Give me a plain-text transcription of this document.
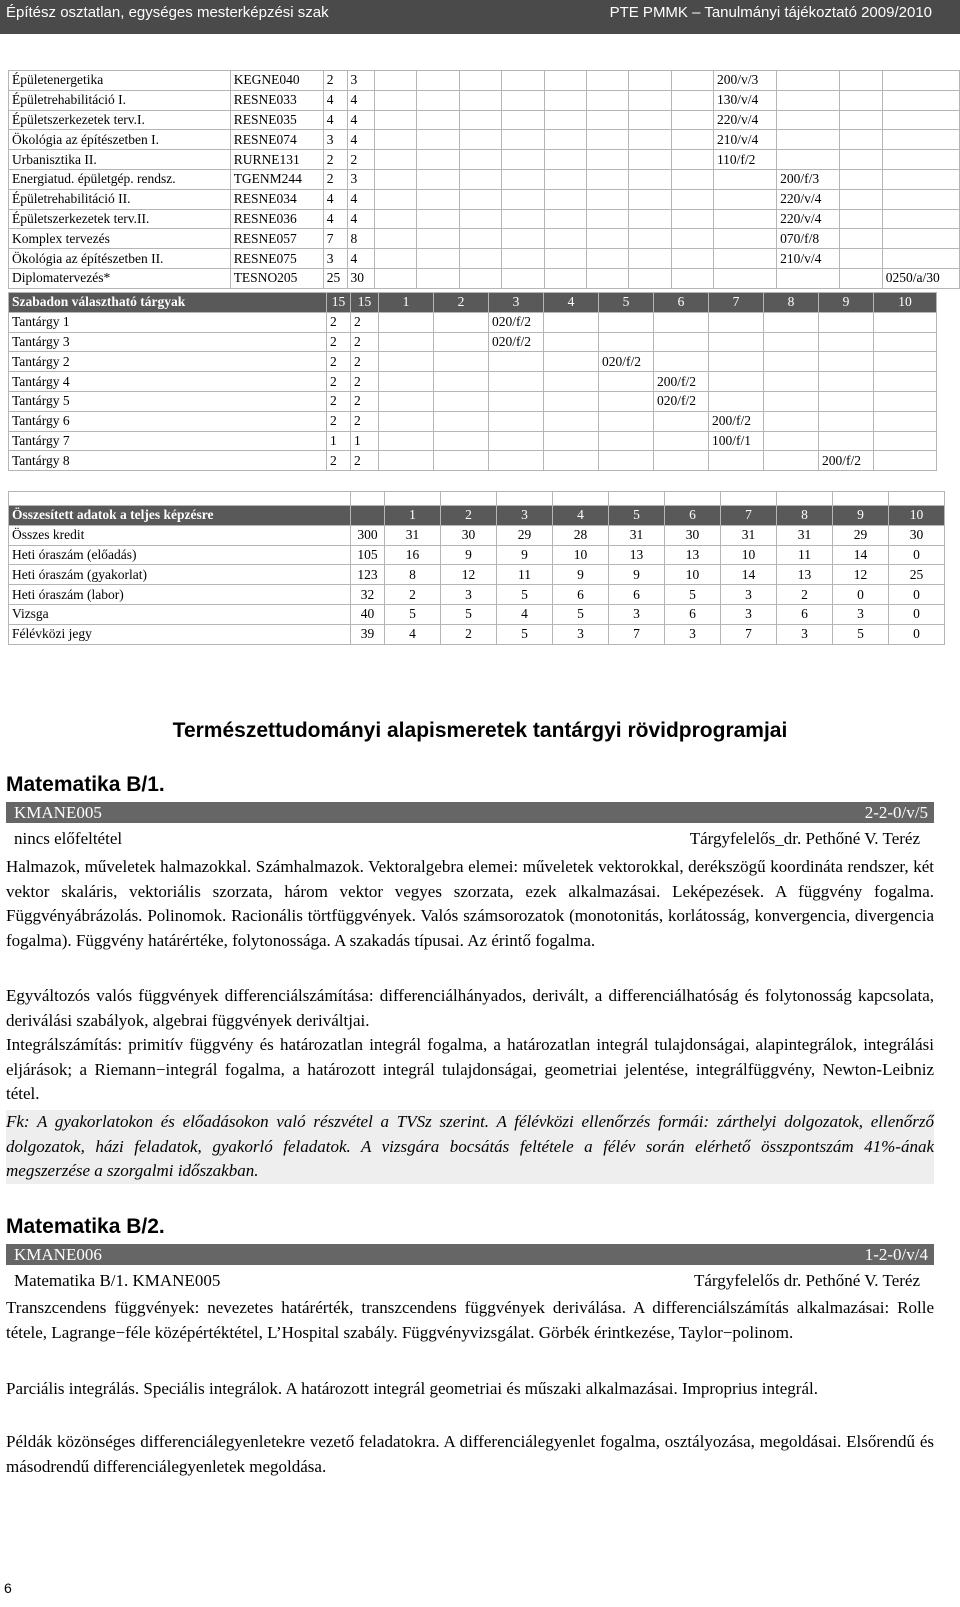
Építész osztatlan, egységes mesterképzési szak	PTE PMMK – Tanulmányi tájékoztató 2009/2010
Épületenergetika	KEGNE040	2	3									200/v/3			
Épületrehabilitáció I.	RESNE033	4	4									130/v/4			
Épületszerkezetek terv.I.	RESNE035	4	4									220/v/4			
Ökológia az építészetben I.	RESNE074	3	4									210/v/4			
Urbanisztika II.	RURNE131	2	2									110/f/2			
Energiatud. épületgép. rendsz.	TGENM244	2	3										200/f/3		
Épületrehabilitáció II.	RESNE034	4	4										220/v/4		
Épületszerkezetek terv.II.	RESNE036	4	4										220/v/4		
Komplex tervezés	RESNE057	7	8										070/f/8		
Ökológia az építészetben II.	RESNE075	3	4										210/v/4		
Diplomatervezés*	TESNO205	25	30												0250/a/30
Szabadon választható tárgyak	15	15	1	2	3	4	5	6	7	8	9	10
Tantárgy 1	2	2			020/f/2							
Tantárgy 3	2	2			020/f/2							
Tantárgy 2	2	2					020/f/2					
Tantárgy 4	2	2						200/f/2				
Tantárgy 5	2	2						020/f/2				
Tantárgy 6	2	2							200/f/2			
Tantárgy 7	1	1							100/f/1			
Tantárgy 8	2	2									200/f/2	

Összesített adatok a teljes képzésre		1	2	3	4	5	6	7	8	9	10
Összes kredit	300	31	30	29	28	31	30	31	31	29	30
Heti óraszám (előadás)	105	16	9	9	10	13	13	10	11	14	0
Heti óraszám (gyakorlat)	123	8	12	11	9	9	10	14	13	12	25
Heti óraszám (labor)	32	2	3	5	6	6	5	3	2	0	0
Vizsga	40	5	5	4	5	3	6	3	6	3	0
Félévközi jegy	39	4	2	5	3	7	3	7	3	5	0
Természettudományi alapismeretek tantárgyi rövidprogramjai
Matematika B/1.
KMANE005	2-2-0/v/5
nincs előfeltétel	Tárgyfelelős_dr. Pethőné V. Teréz

Halmazok, műveletek halmazokkal. Számhalmazok. Vektoralgebra elemei: műveletek vektorokkal, derékszögű koordináta rendszer, két vektor skaláris, vektoriális szorzata, három vektor vegyes szorzata, ezek alkalmazásai. Leképezések. A függvény fogalma. Függvényábrázolás. Polinomok. Racionális törtfüggvények. Valós számsorozatok (monotonitás, korlátosság, konvergencia, divergencia fogalma). Függvény határértéke, folytonossága. A szakadás típusai. Az érintő fogalma.

Egyváltozós valós függvények differenciálszámítása: differenciálhányados, derivált, a differenciálhatóság és folytonosság kapcsolata, deriválási szabályok, algebrai függvények deriváltjai.

Integrálszámítás: primitív függvény és határozatlan integrál fogalma, a határozatlan integrál tulajdonságai, alapintegrálok, integrálási eljárások; a Riemann−integrál fogalma, a határozott integrál tulajdonságai, geometriai jelentése, integrálfüggvény, Newton-Leibniz tétel.

Fk: A gyakorlatokon és előadásokon való részvétel a TVSz szerint. A félévközi ellenőrzés formái: zárthelyi dolgozatok, ellenőrző dolgozatok, házi feladatok, gyakorló feladatok. A vizsgára bocsátás feltétele a félév során elérhető összpontszám 41%-ának megszerzése a szorgalmi időszakban.

Matematika B/2.
KMANE006	1-2-0/v/4
Matematika B/1. KMANE005	Tárgyfelelős dr. Pethőné V. Teréz

Transzcendens függvények: nevezetes határérték, transzcendens függvények deriválása. A differenciálszámítás alkalmazásai: Rolle tétele, Lagrange−féle középértéktétel, L’Hospital szabály. Függvényvizsgálat. Görbék érintkezése, Taylor−polinom.

Parciális integrálás. Speciális integrálok. A határozott integrál geometriai és műszaki alkalmazásai. Improprius integrál.

Példák közönséges differenciálegyenletekre vezető feladatokra. A differenciálegyenlet fogalma, osztályozása, megoldásai. Elsőrendű és másodrendű differenciálegyenletek megoldása.

6
